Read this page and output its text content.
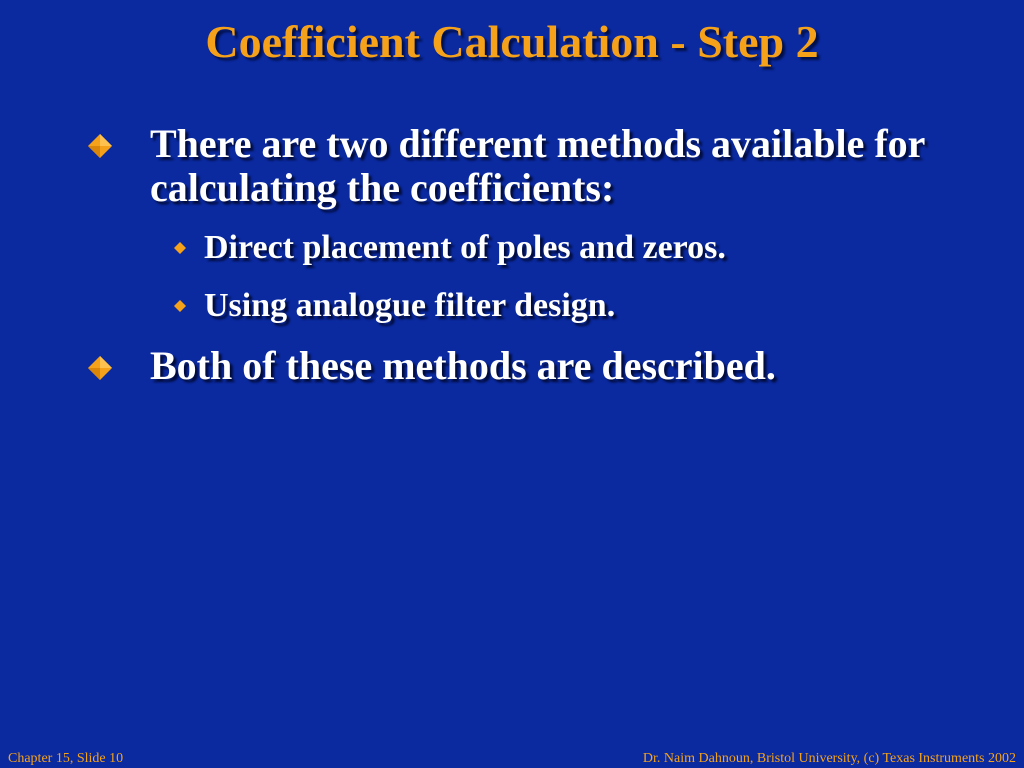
Coefficient Calculation - Step 2
There are two different methods available for calculating the coefficients:
Direct placement of poles and zeros.
Using analogue filter design.
Both of these methods are described.
Chapter 15, Slide 10	Dr. Naim Dahnoun, Bristol University, (c) Texas Instruments 2002
